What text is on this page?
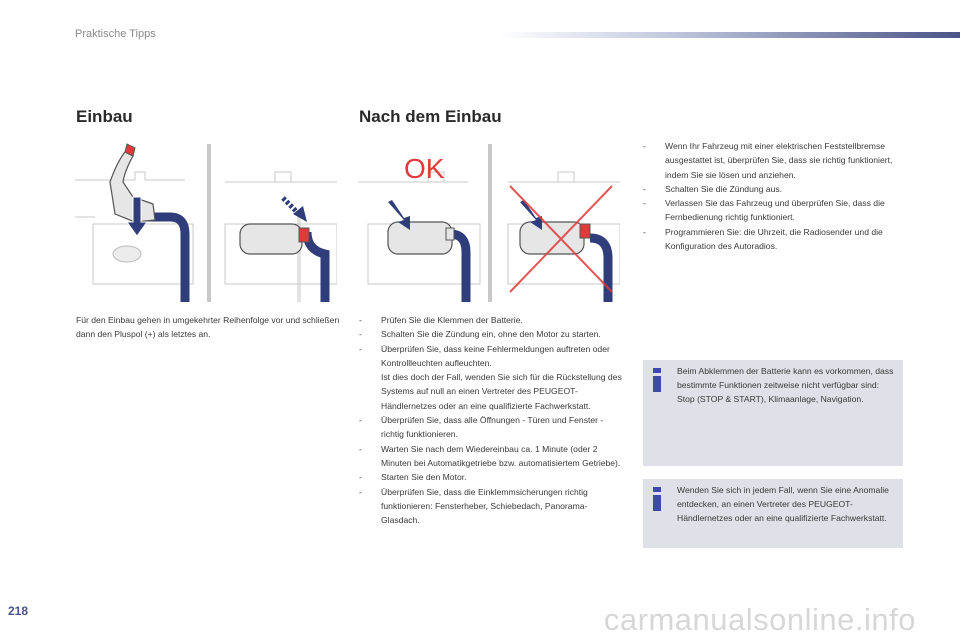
Praktische Tipps
Einbau	Nach dem Einbau
OK
Für den Einbau gehen in umgekehrter Reihenfolge vor und schließen dann den Pluspol (+) als letztes an.
- Prüfen Sie die Klemmen der Batterie.
- Schalten Sie die Zündung ein, ohne den Motor zu starten.
- Überprüfen Sie, dass keine Fehlermeldungen auftreten oder Kontrollleuchten aufleuchten.
Ist dies doch der Fall, wenden Sie sich für die Rückstellung des Systems auf null an einen Vertreter des PEUGEOT-Händlernetzes oder an eine qualifizierte Fachwerkstatt.
- Überprüfen Sie, dass alle Öffnungen - Türen und Fenster - richtig funktionieren.
- Warten Sie nach dem Wiedereinbau ca. 1 Minute (oder 2 Minuten bei Automatikgetriebe bzw. automatisiertem Getriebe).
- Starten Sie den Motor.
- Überprüfen Sie, dass die Einklemmsicherungen richtig funktionieren: Fensterheber, Schiebedach, Panorama-Glasdach.
- Wenn Ihr Fahrzeug mit einer elektrischen Feststellbremse ausgestattet ist, überprüfen Sie, dass sie richtig funktioniert, indem Sie sie lösen und anziehen.
- Schalten Sie die Zündung aus.
- Verlassen Sie das Fahrzeug und überprüfen Sie, dass die Fernbedienung richtig funktioniert.
- Programmieren Sie: die Uhrzeit, die Radiosender und die Konfiguration des Autoradios.
Beim Abklemmen der Batterie kann es vorkommen, dass bestimmte Funktionen zeitweise nicht verfügbar sind: Stop (STOP & START), Klimaanlage, Navigation.
Wenden Sie sich in jedem Fall, wenn Sie eine Anomalie entdecken, an einen Vertreter des PEUGEOT-Händlernetzes oder an eine qualifizierte Fachwerkstatt.
218	carmanualsonline.info
